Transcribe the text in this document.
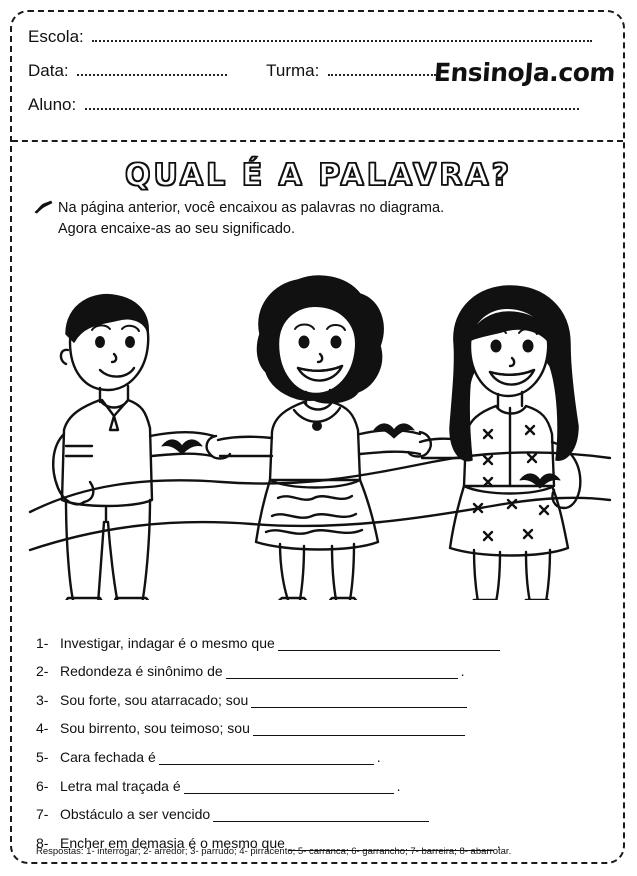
Escola:
Data:	Turma:
Aluno:
EnsinoJa.com
QUAL É A PALAVRA?
Na página anterior, você encaixou as palavras no diagrama.
Agora encaixe-as ao seu significado.
1- Investigar, indagar é o mesmo que
2- Redondeza é sinônimo de	.
3- Sou forte, sou atarracado; sou
4- Sou birrento, sou teimoso; sou
5- Cara fechada é	.
6- Letra mal traçada é	.
7- Obstáculo a ser vencido
8- Encher em demasia é o mesmo que	.
Respostas: 1- interrogar; 2- arredor; 3- parrudo; 4- pirracento; 5- carranca; 6- garrancho; 7- barreira; 8- abarrotar.
